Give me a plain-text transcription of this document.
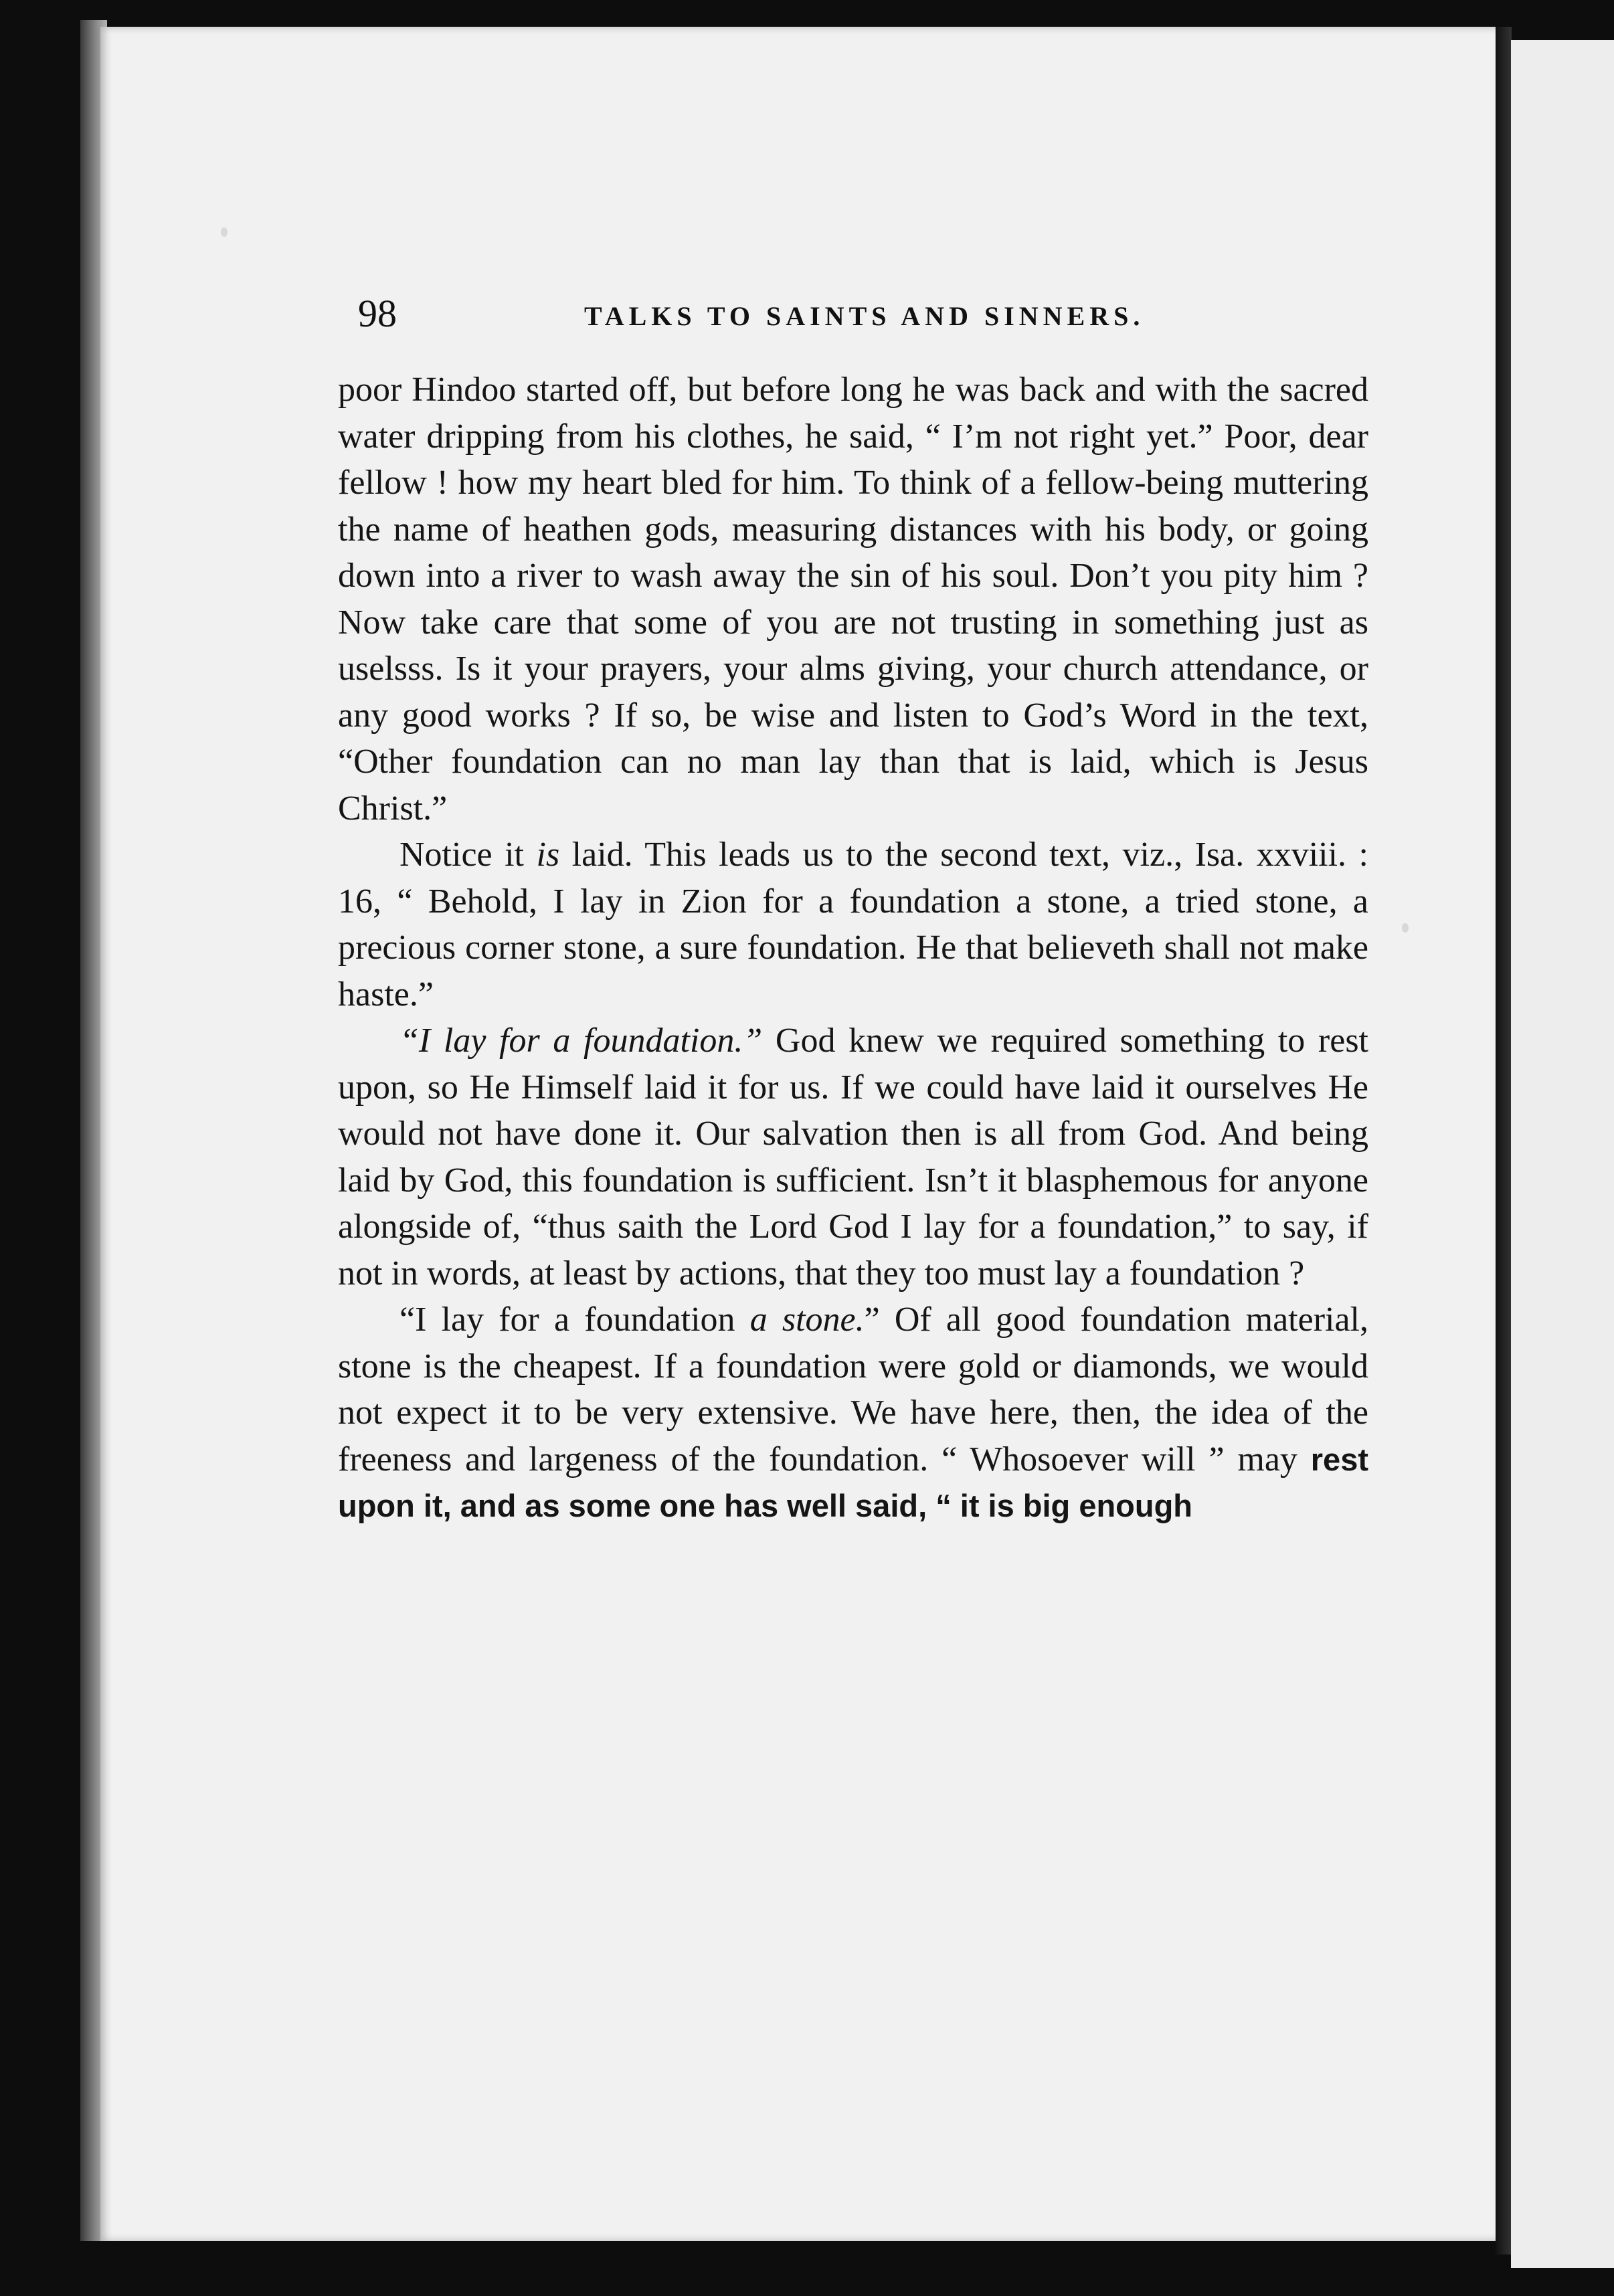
98	TALKS TO SAINTS AND SINNERS.

poor Hindoo started off, but before long he was back and with the sacred water dripping from his clothes, he said, “ I’m not right yet.” Poor, dear fellow ! how my heart bled for him. To think of a fellow-being muttering the name of heathen gods, measuring distances with his body, or going down into a river to wash away the sin of his soul. Don’t you pity him ? Now take care that some of you are not trusting in something just as uselsss. Is it your prayers, your alms giving, your church attendance, or any good works ? If so, be wise and listen to God’s Word in the text, “Other foundation can no man lay than that is laid, which is Jesus Christ.”

Notice it is laid. This leads us to the second text, viz., Isa. xxviii. : 16, “ Behold, I lay in Zion for a foundation a stone, a tried stone, a precious corner stone, a sure foundation. He that believeth shall not make haste.”

“I lay for a foundation.” God knew we required something to rest upon, so He Himself laid it for us. If we could have laid it ourselves He would not have done it. Our salvation then is all from God. And being laid by God, this foundation is sufficient. Isn’t it blasphemous for anyone alongside of, “thus saith the Lord God I lay for a foundation,” to say, if not in words, at least by actions, that they too must lay a foundation ?

“I lay for a foundation a stone.” Of all good foundation material, stone is the cheapest. If a foundation were gold or diamonds, we would not expect it to be very extensive. We have here, then, the idea of the freeness and largeness of the foundation. “ Whosoever will ” may rest upon it, and as some one has well said, “ it is big enough
